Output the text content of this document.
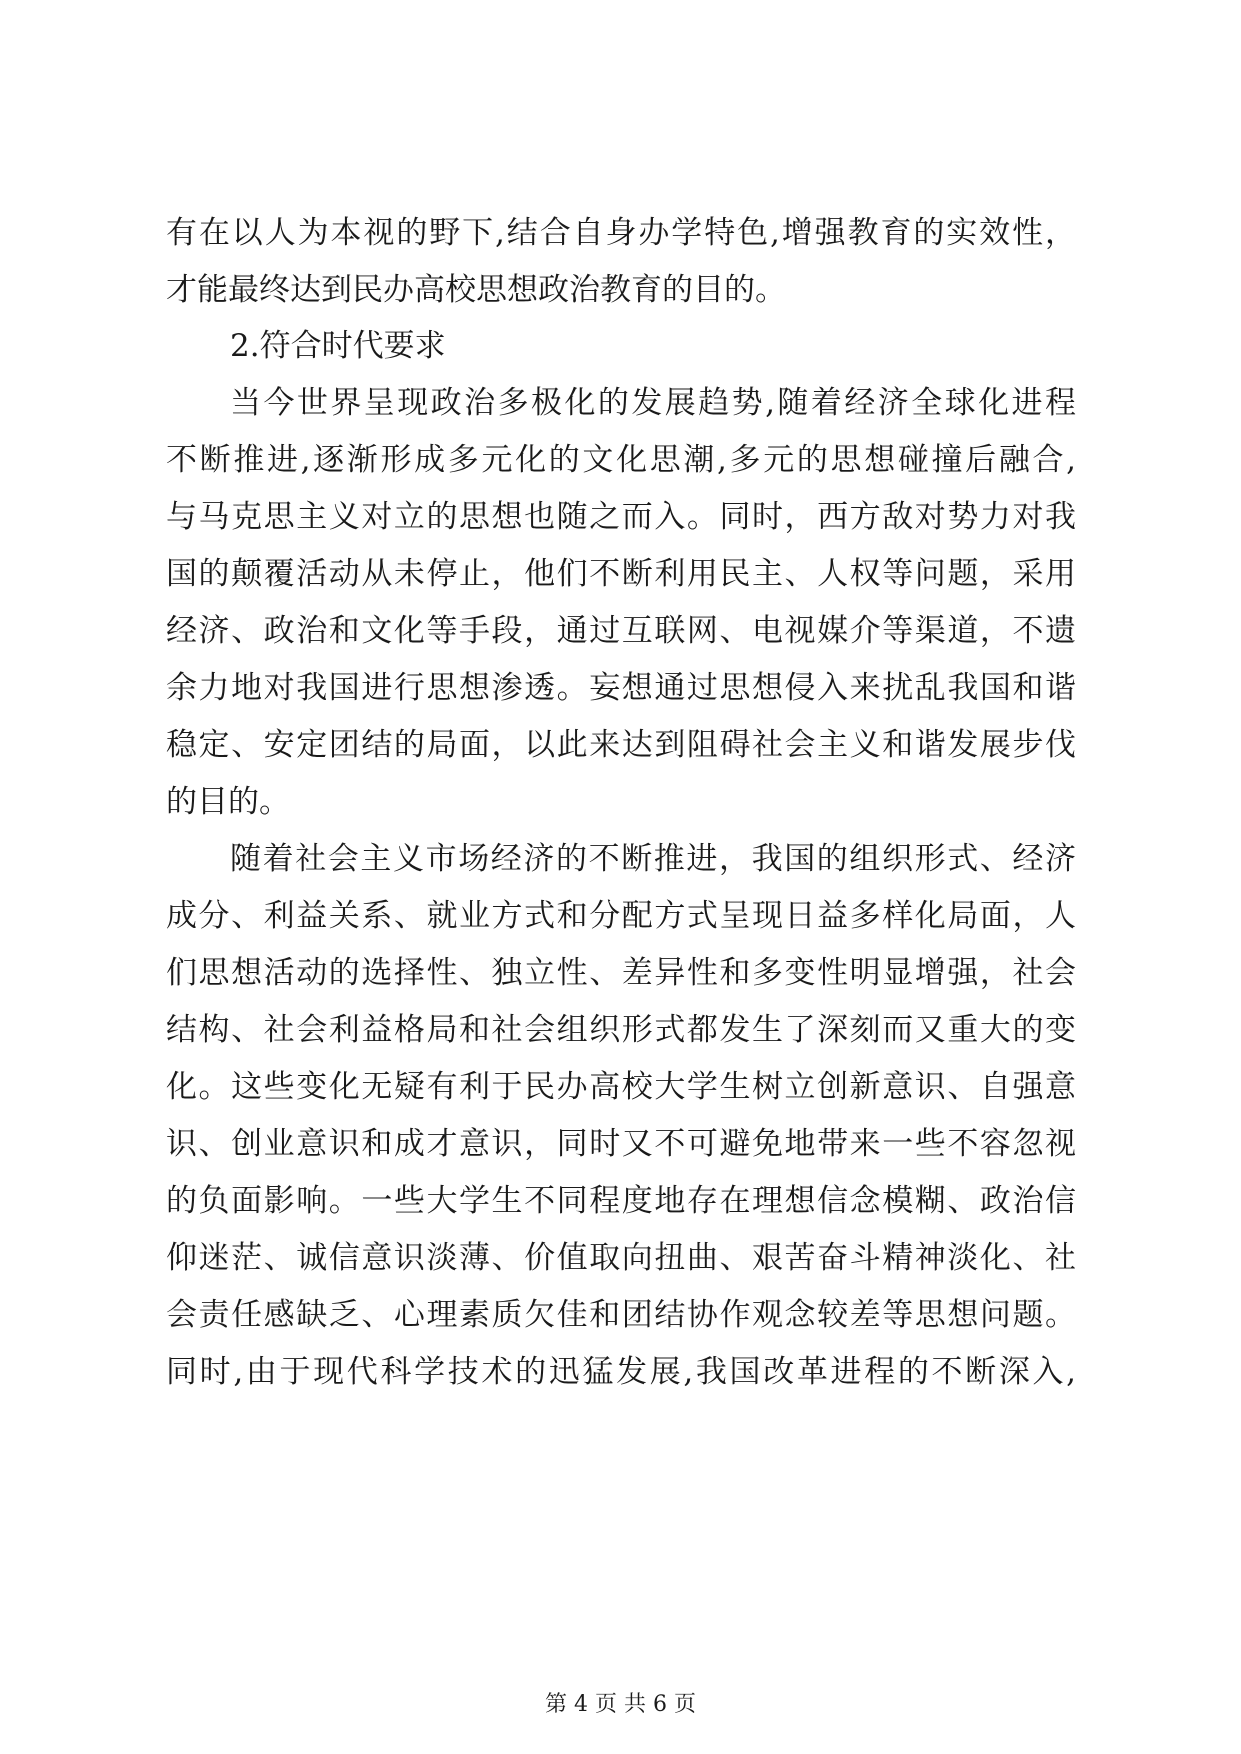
有在以人为本视的野下,结合自身办学特色,增强教育的实效性，
才能最终达到民办高校思想政治教育的目的。
2.符合时代要求
当今世界呈现政治多极化的发展趋势,随着经济全球化进程
不断推进,逐渐形成多元化的文化思潮,多元的思想碰撞后融合,
与马克思主义对立的思想也随之而入。同时，西方敌对势力对我
国的颠覆活动从未停止，他们不断利用民主、人权等问题，采用
经济、政治和文化等手段，通过互联网、电视媒介等渠道，不遗
余力地对我国进行思想渗透。妄想通过思想侵入来扰乱我国和谐
稳定、安定团结的局面，以此来达到阻碍社会主义和谐发展步伐
的目的。
随着社会主义市场经济的不断推进，我国的组织形式、经济
成分、利益关系、就业方式和分配方式呈现日益多样化局面，人
们思想活动的选择性、独立性、差异性和多变性明显增强，社会
结构、社会利益格局和社会组织形式都发生了深刻而又重大的变
化。这些变化无疑有利于民办高校大学生树立创新意识、自强意
识、创业意识和成才意识，同时又不可避免地带来一些不容忽视
的负面影响。一些大学生不同程度地存在理想信念模糊、政治信
仰迷茫、诚信意识淡薄、价值取向扭曲、艰苦奋斗精神淡化、社
会责任感缺乏、心理素质欠佳和团结协作观念较差等思想问题。
同时,由于现代科学技术的迅猛发展,我国改革进程的不断深入,
第 4 页 共 6 页
